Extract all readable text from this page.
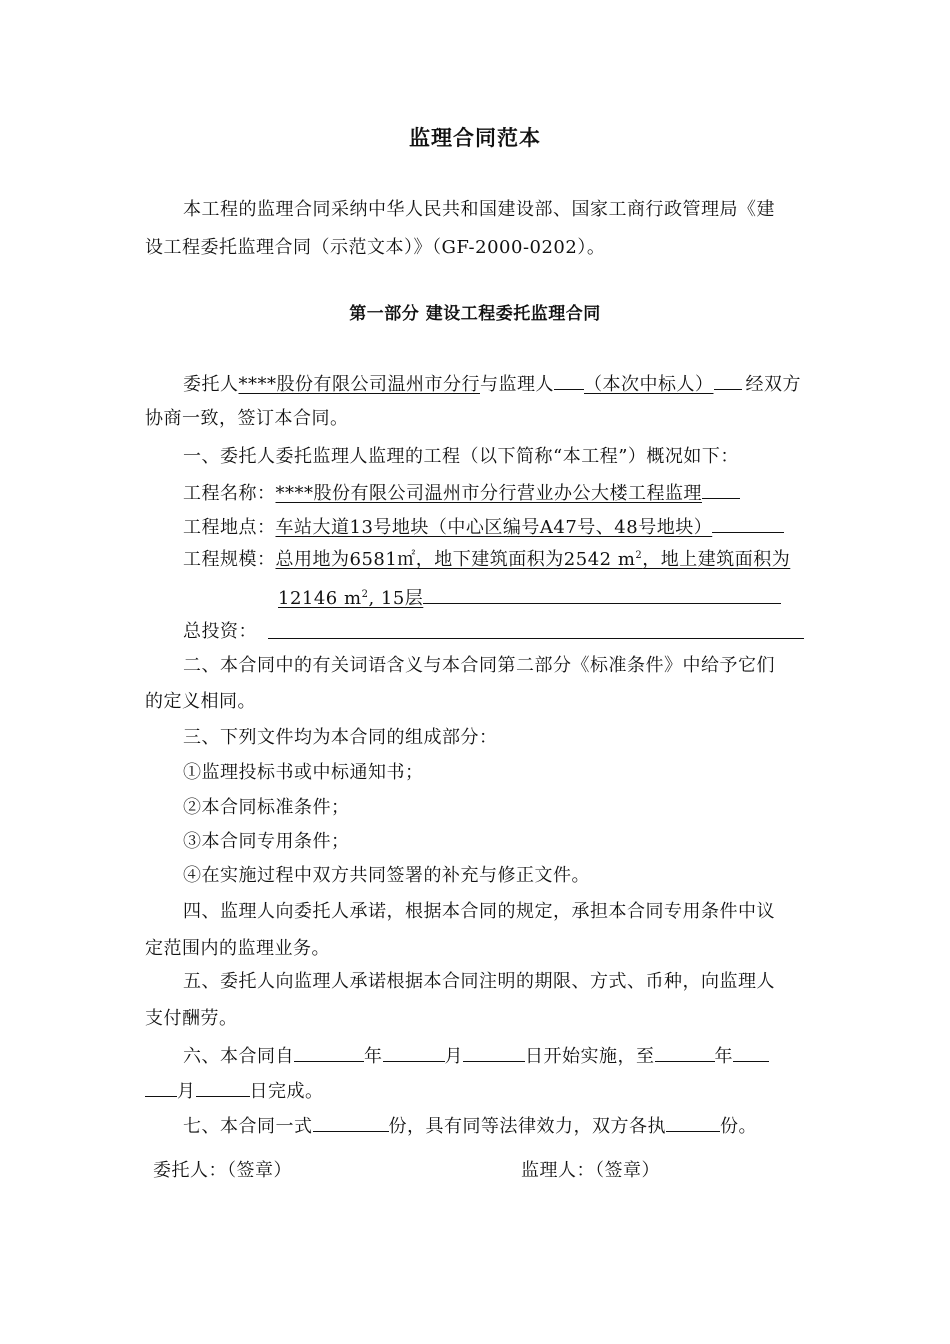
监理合同范本
本工程的监理合同采纳中华人民共和国建设部、国家工商行政管理局《建
设工程委托监理合同（示范文本）》（GF-2000-0202）。
第一部分 建设工程委托监理合同
委托人****股份有限公司温州市分行与监理人 （本次中标人） 经双方
协商一致，签订本合同。
一、委托人委托监理人监理的工程（以下简称“本工程”）概况如下：
工程名称：****股份有限公司温州市分行营业办公大楼工程监理
工程地点：车站大道13号地块（中心区编号A47号、48号地块）
工程规模：总用地为6581㎡，地下建筑面积为2542 $m^2$，地上建筑面积为
12146 $m^2$, 15层
总投资：
二、本合同中的有关词语含义与本合同第二部分《标准条件》中给予它们
的定义相同。
三、下列文件均为本合同的组成部分：
①监理投标书或中标通知书；
②本合同标准条件；
③本合同专用条件；
④在实施过程中双方共同签署的补充与修正文件。
四、监理人向委托人承诺，根据本合同的规定，承担本合同专用条件中议
定范围内的监理业务。
五、委托人向监理人承诺根据本合同注明的期限、方式、币种，向监理人
支付酬劳。
六、本合同自	年	月	日开始实施，至	年
月	日完成。
七、本合同一式	份，具有同等法律效力，双方各执	份。
委托人：（签章）	监理人：（签章）
